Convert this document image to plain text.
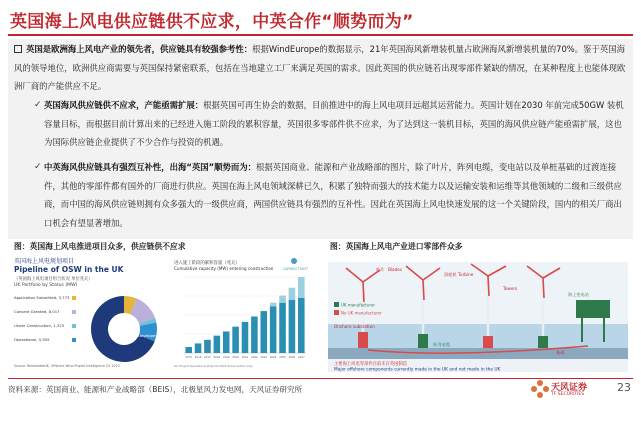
英国海上风电供应链供不应求，中英合作“顺势而为”
英国是欧洲海上风电产业的领先者，供应链具有较强参考性：根据WindEurope的数据显示，21年英国海风新增装机量占欧洲海风新增装机量的70%。鉴于英国海风的领导地位，欧洲供应商需要与英国保持紧密联系，包括在当地建立工厂来满足英国的需求。因此英国的供应链若出现零部件紧缺的情况，在某种程度上也能体现欧洲厂商的产能供应不足。
✓ 英国海风供应链供不应求，产能亟需扩展：根据英国可再生协会的数据，目前推进中的海上风电项目远超其运营能力。英国计划在2030 年前完成50GW 装机容量目标，而根据目前计算出来的已经进入施工阶段的累积容量，英国很多零部件供不应求，为了达到这一装机目标，英国的海风供应链产能亟需扩展，这也为国际供应链企业提供了不少合作与投资的机遇。
✓ 中英海风供应链具有强烈互补性，出海“英国”顺势而为：根据英国商业、能源和产业战略部的图片，除了叶片，阵列电缆，变电站以及单桩基础的过渡连接件，其他的零部件都有国外的厂商进行供应。英国在海上风电领域深耕已久，积累了独特而强大的技术能力以及运输安装和运维等其他领域的二级和三级供应商，而中国的海风供应链则拥有众多强大的一级供应商，两国供应链具有强烈的互补性。因此在英国海上风电快速发展的这一个关键阶段，国内的相关厂商出口机会有望显著增加。
图：英国海上风电推进项目众多，供应链供不应求	图：英国海上风电产业进口零部件众多
英国海上风电规划项目
Pipeline of OSW in the UK
（英国海上风电项目组合状况 单位兆瓦）
UK Portfolio by Status (MW)
Application Submitted, 3,773
Consent Granted, 8,017
Under Construction, 1,323
Operational, 5,555
Early Development, 41,379
Source: RenewableUK, Offshore Wind Project Intelligence Q2 2023
进入施工阶段的累积容量（兆瓦）
Cumulative capacity (MW) entering construction	CARBON TRUST
2015 2016 2017 2018 2019 2020 2021 2022 2023 2024 2025 2026 2027
OC Project Operations Projects 2022 Subscription Only
叶片 Blades
涡轮机 Turbine
Towers
海上变电站
Onshore substation
阵列电缆
基础
UK manufacturer
No UK manufacturer
主要海上风电零部件目前未在英国制造
Major offshore components currently made in the UK and not made in the UK
资料来源：英国商业、能源和产业战略部（BEIS），北极星风力发电网，天风证券研究所	天风证券
TF SECURITIES
23
